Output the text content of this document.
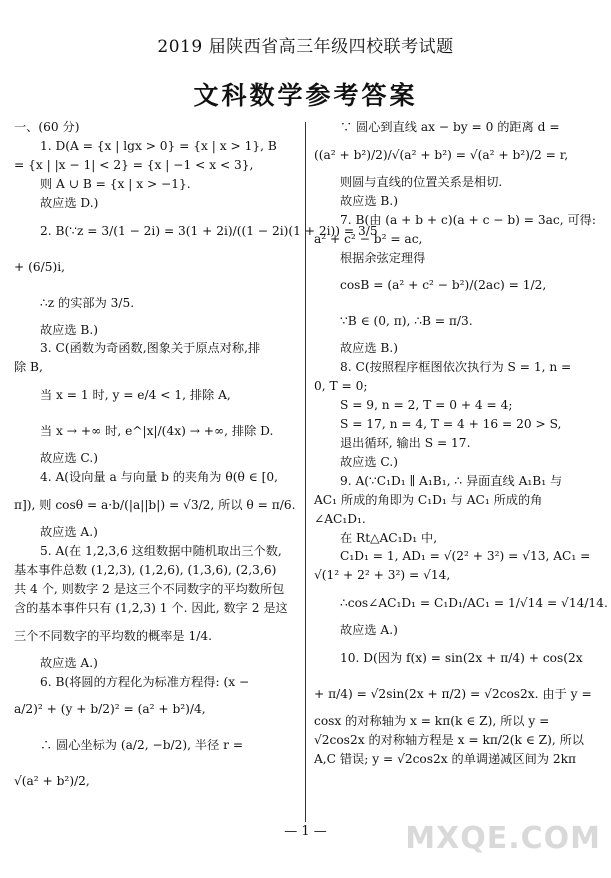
2019 届陕西省高三年级四校联考试题
文科数学参考答案
一、(60 分)
1. D(A = {x | lgx > 0} = {x | x > 1}, B
= {x | |x − 1| < 2} = {x | −1 < x < 3},
则 A ∪ B = {x | x > −1}.
故应选 D.)
2. B(∵z = 3/(1 − 2i) = 3(1 + 2i)/((1 − 2i)(1 + 2i)) = 3/5
+ (6/5)i,
∴z 的实部为 3/5.
故应选 B.)
3. C(函数为奇函数,图象关于原点对称,排
除 B,
当 x = 1 时, y = e/4 < 1, 排除 A,
当 x → +∞ 时, e^|x|/(4x) → +∞, 排除 D.
故应选 C.)
4. A(设向量 a 与向量 b 的夹角为 θ(θ ∈ [0,
π]), 则 cosθ = a·b/(|a||b|) = √3/2, 所以 θ = π/6.
故应选 A.)
5. A(在 1,2,3,6 这组数据中随机取出三个数,
基本事件总数 (1,2,3), (1,2,6), (1,3,6), (2,3,6)
共 4 个, 则数字 2 是这三个不同数字的平均数所包
含的基本事件只有 (1,2,3) 1 个. 因此, 数字 2 是这
三个不同数字的平均数的概率是 1/4.
故应选 A.)
6. B(将圆的方程化为标准方程得: (x −
a/2)² + (y + b/2)² = (a² + b²)/4,
∴ 圆心坐标为 (a/2, −b/2), 半径 r =
√(a² + b²)/2,
∵ 圆心到直线 ax − by = 0 的距离 d =
((a² + b²)/2)/√(a² + b²) = √(a² + b²)/2 = r,
则圆与直线的位置关系是相切.
故应选 B.)
7. B(由 (a + b + c)(a + c − b) = 3ac, 可得:
a² + c² − b² = ac,
根据余弦定理得
cosB = (a² + c² − b²)/(2ac) = 1/2,
∵B ∈ (0, π), ∴B = π/3.
故应选 B.)
8. C(按照程序框图依次执行为 S = 1, n =
0, T = 0;
S = 9, n = 2, T = 0 + 4 = 4;
S = 17, n = 4, T = 4 + 16 = 20 > S,
退出循环, 输出 S = 17.
故应选 C.)
9. A(∵C₁D₁ ∥ A₁B₁, ∴ 异面直线 A₁B₁ 与
AC₁ 所成的角即为 C₁D₁ 与 AC₁ 所成的角
∠AC₁D₁.
在 Rt△AC₁D₁ 中,
C₁D₁ = 1, AD₁ = √(2² + 3²) = √13, AC₁ =
√(1² + 2² + 3²) = √14,
∴cos∠AC₁D₁ = C₁D₁/AC₁ = 1/√14 = √14/14.
故应选 A.)
10. D(因为 f(x) = sin(2x + π/4) + cos(2x
+ π/4) = √2sin(2x + π/2) = √2cos2x. 由于 y =
cosx 的对称轴为 x = kπ(k ∈ Z), 所以 y =
√2cos2x 的对称轴方程是 x = kπ/2(k ∈ Z), 所以
A,C 错误; y = √2cos2x 的单调递减区间为 2kπ
MXQE.COM
— 1 —
